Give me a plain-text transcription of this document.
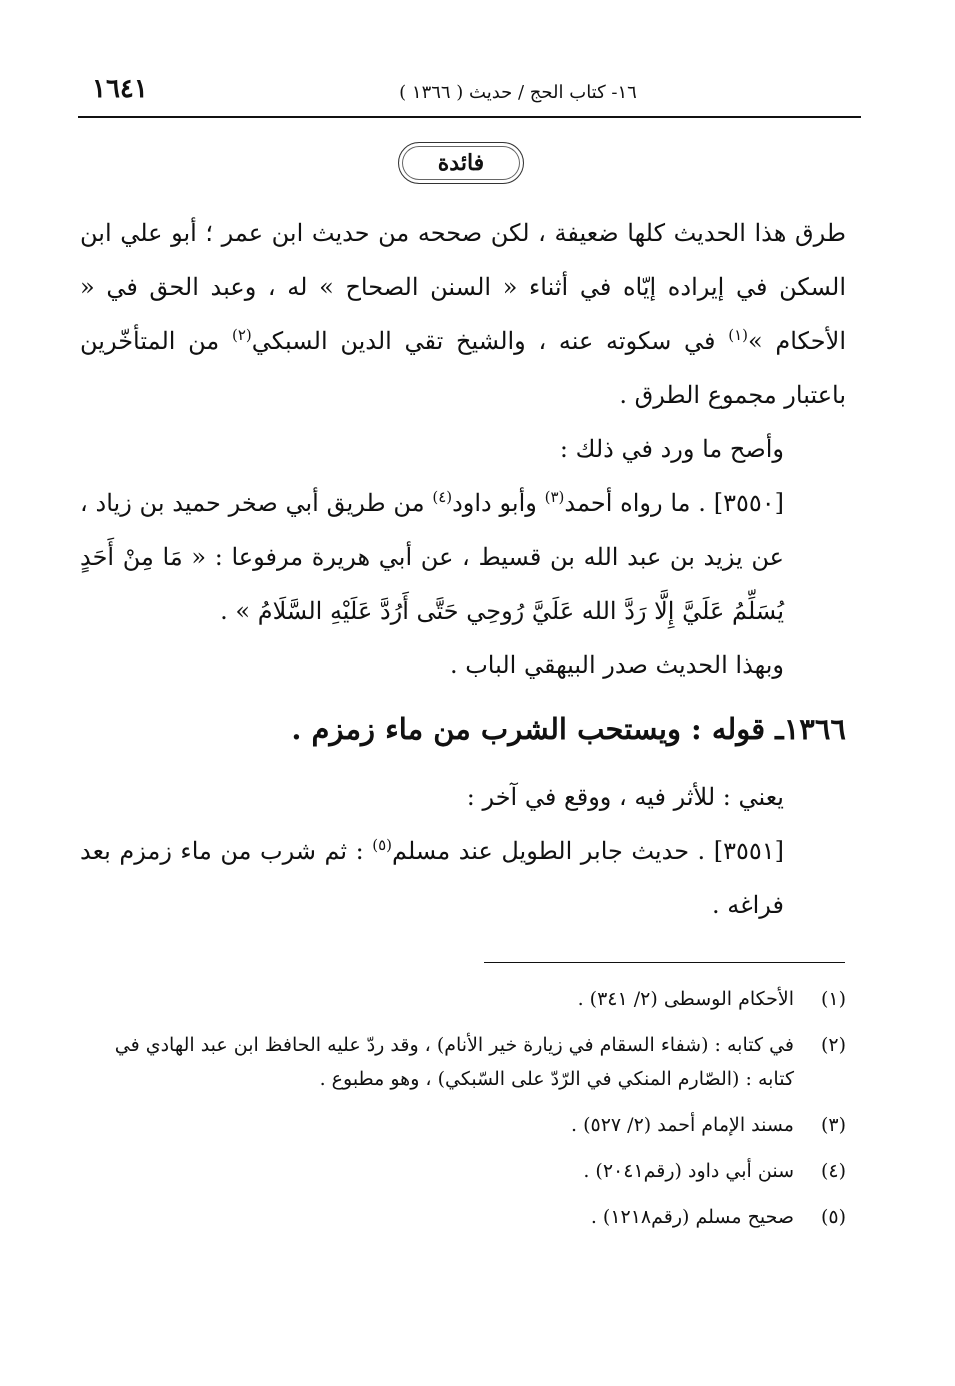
١٦٤١	١٦- كتاب الحج / حديث ( ١٣٦٦ )
فائدة

طرق هذا الحديث كلها ضعيفة ، لكن صححه من حديث ابن عمر ؛ أبو علي ابن السكن في إيراده إيّاه في أثناء « السنن الصحاح » له ، وعبد الحق في « الأحكام »$^{(١)}$ في سكوته عنه ، والشيخ تقي الدين السبكي$^{(٢)}$ من المتأخّرين باعتبار مجموع الطرق .

وأصح ما ورد في ذلك :

[٣٥٥٠] . ما رواه أحمد$^{(٣)}$ وأبو داود$^{(٤)}$ من طريق أبي صخر حميد بن زياد ، عن يزيد بن عبد الله بن قسيط ، عن أبي هريرة مرفوعا : « مَا مِنْ أَحَدٍ يُسَلِّمُ عَلَيَّ إِلَّا رَدَّ الله عَلَيَّ رُوحِي حَتَّى أَرُدَّ عَلَيْهِ السَّلَامُ » .

وبهذا الحديث صدر البيهقي الباب .

١٣٦٦ـ قوله : ويستحب الشرب من ماء زمزم .

يعني : للأثر فيه ، ووقع في آخر :

[٣٥٥١] . حديث جابر الطويل عند مسلم$^{(٥)}$ : ثم شرب من ماء زمزم بعد فراغه .

(١)
الأحكام الوسطى (٢/ ٣٤١) .
(٢)
في كتابه : (شفاء السقام في زيارة خير الأنام) ، وقد ردّ عليه الحافظ ابن عبد الهادي في كتابه : (الصّارم المنكي في الرّدّ على السّبكي) ، وهو مطبوع .
(٣)
مسند الإمام أحمد (٢/ ٥٢٧) .
(٤)
سنن أبي داود (رقم٢٠٤١) .
(٥)
صحيح مسلم (رقم١٢١٨) .
